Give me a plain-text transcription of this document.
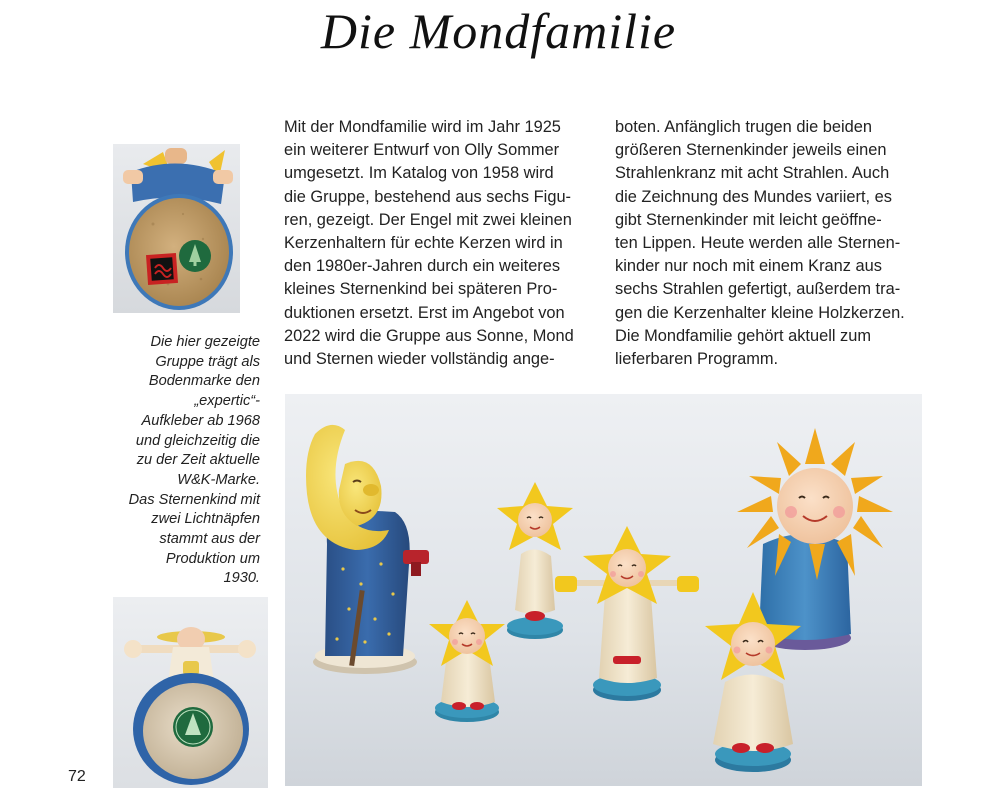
Die Mondfamilie

Mit der Mondfamilie wird im Jahr 1925
ein weiterer Entwurf von Olly Sommer
umgesetzt. Im Katalog von 1958 wird
die Gruppe, bestehend aus sechs Figu-
ren, gezeigt. Der Engel mit zwei kleinen
Kerzenhaltern für echte Kerzen wird in
den 1980er-Jahren durch ein weiteres
kleines Sternenkind bei späteren Pro-
duktionen ersetzt. Erst im Angebot von
2022 wird die Gruppe aus Sonne, Mond
und Sternen wieder vollständig ange-

boten. Anfänglich trugen die beiden
größeren Sternenkinder jeweils einen
Strahlenkranz mit acht Strahlen. Auch
die Zeichnung des Mundes variiert, es
gibt Sternenkinder mit leicht geöffne-
ten Lippen. Heute werden alle Sternen-
kinder nur noch mit einem Kranz aus
sechs Strahlen gefertigt, außerdem tra-
gen die Kerzenhalter kleine Holzkerzen.
Die Mondfamilie gehört aktuell zum
lieferbaren Programm.

Die hier gezeigte
Gruppe trägt als
Bodenmarke den
„expertic“-
Aufkleber ab 1968
und gleichzeitig die
zu der Zeit aktuelle
W&K-Marke.
Das Sternenkind mit
zwei Lichtnäpfen
stammt aus der
Produktion um
1930.

72
